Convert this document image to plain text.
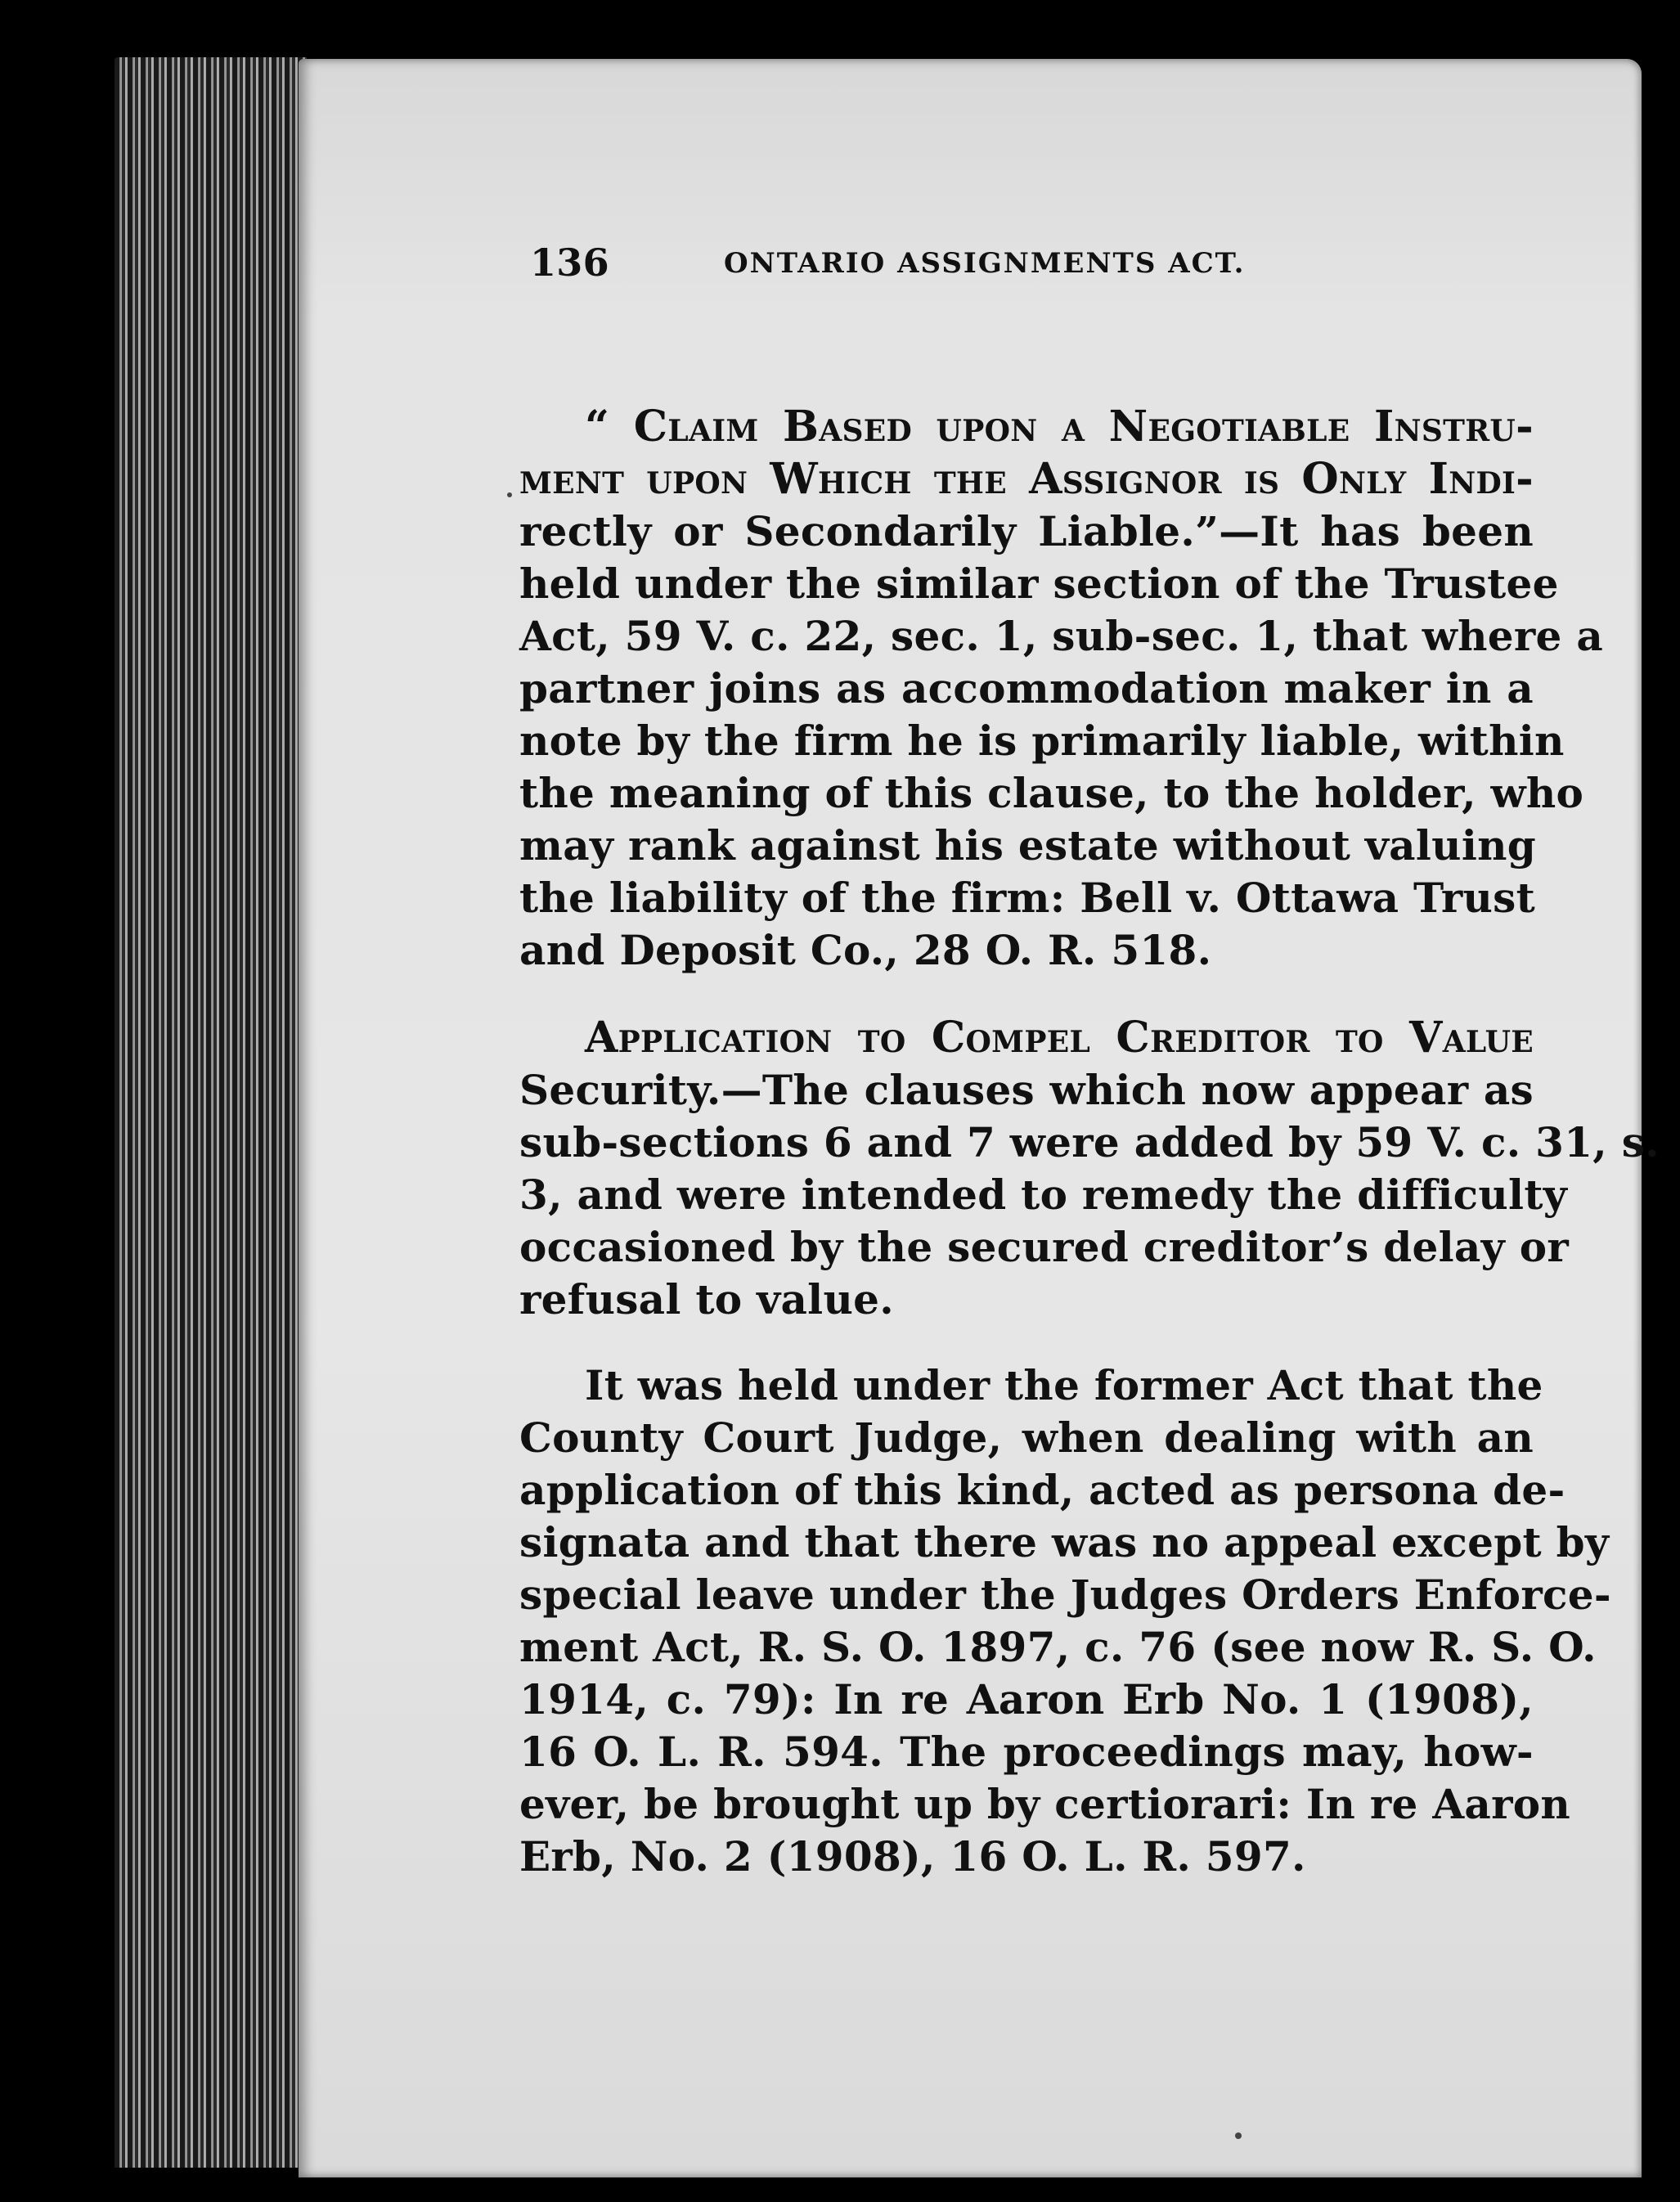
136	ONTARIO ASSIGNMENTS ACT.
“ Claim Based upon a Negotiable Instru-
ment upon Which the Assignor is Only Indi-
rectly or Secondarily Liable.”—It has been
held under the similar section of the Trustee
Act, 59 V. c. 22, sec. 1, sub-sec. 1, that where a
partner joins as accommodation maker in a
note by the firm he is primarily liable, within
the meaning of this clause, to the holder, who
may rank against his estate without valuing
the liability of the firm: Bell v. Ottawa Trust
and Deposit Co., 28 O. R. 518.
Application to Compel Creditor to Value
Security.—The clauses which now appear as
sub-sections 6 and 7 were added by 59 V. c. 31, s.
3, and were intended to remedy the difficulty
occasioned by the secured creditor’s delay or
refusal to value.
It was held under the former Act that the
County Court Judge, when dealing with an
application of this kind, acted as persona de-
signata and that there was no appeal except by
special leave under the Judges Orders Enforce-
ment Act, R. S. O. 1897, c. 76 (see now R. S. O.
1914, c. 79): In re Aaron Erb No. 1 (1908),
16 O. L. R. 594. The proceedings may, how-
ever, be brought up by certiorari: In re Aaron
Erb, No. 2 (1908), 16 O. L. R. 597.
